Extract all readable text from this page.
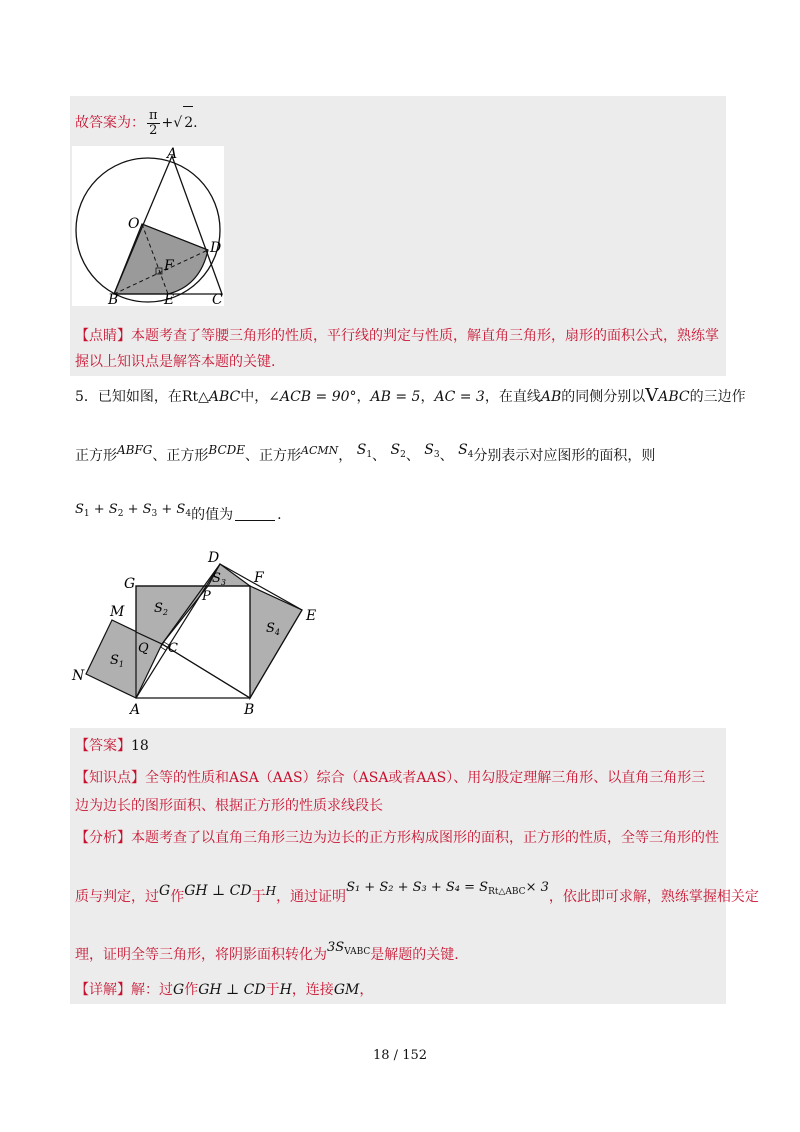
故答案为： $\frac{\pi}{2}$ +√ 2.
A
O
D
F
B	E	C
【点睛】本题考查了等腰三角形的性质，平行线的判定与性质，解直角三角形，扇形的面积公式，熟练掌
握以上知识点是解答本题的关键.
5．已知如图，在Rt△ABC中，∠ACB = 90°，AB = 5，AC = 3，在直线AB的同侧分别以VABC的三边作
正方形ABFG、正方形BCDE、正方形$^{ACMN}$， $S_1$、 $S_2$、 $S_3$、 $S_4$分别表示对应图形的面积，则
$S_1 + S_2 + S_3 + S_4$的值为	.
D
G	$S_3$ F
P
$S_2$
M	E
$S_4$
Q C
$S_1$
N
A	B
【答案】18
【知识点】全等的性质和ASA（AAS）综合（ASA或者AAS）、用勾股定理解三角形、以直角三角形三
边为边长的图形面积、根据正方形的性质求线段长
【分析】本题考查了以直角三角形三边为边长的正方形构成图形的面积，正方形的性质，全等三角形的性
质与判定，过G作GH ⊥ CD于H，通过证明$S_1 + S_2 + S_3 + S_4 = S_{Rt\triangle ABC}\times 3$，依此即可求解，熟练掌握相关定
理，证明全等三角形，将阴影面积转化为$3S_{VABC}$是解题的关键.
【详解】解：过G作GH ⊥ CD于H，连接GM，
18 / 152
